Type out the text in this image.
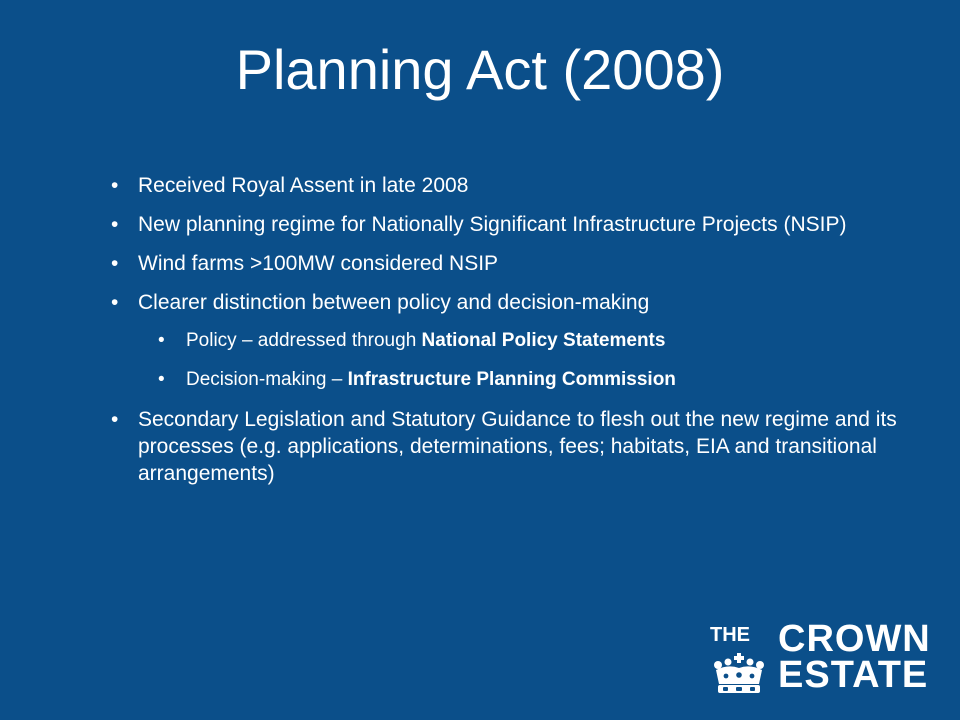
Planning Act (2008)

• Received Royal Assent in late 2008

• New planning regime for Nationally Significant Infrastructure Projects (NSIP)

• Wind farms >100MW considered NSIP

• Clearer distinction between policy and decision-making

• Policy – addressed through National Policy Statements

• Decision-making – Infrastructure Planning Commission

• Secondary Legislation and Statutory Guidance to flesh out the new regime and its processes (e.g. applications, determinations, fees; habitats, EIA and transitional arrangements)

THE CROWN
ESTATE
